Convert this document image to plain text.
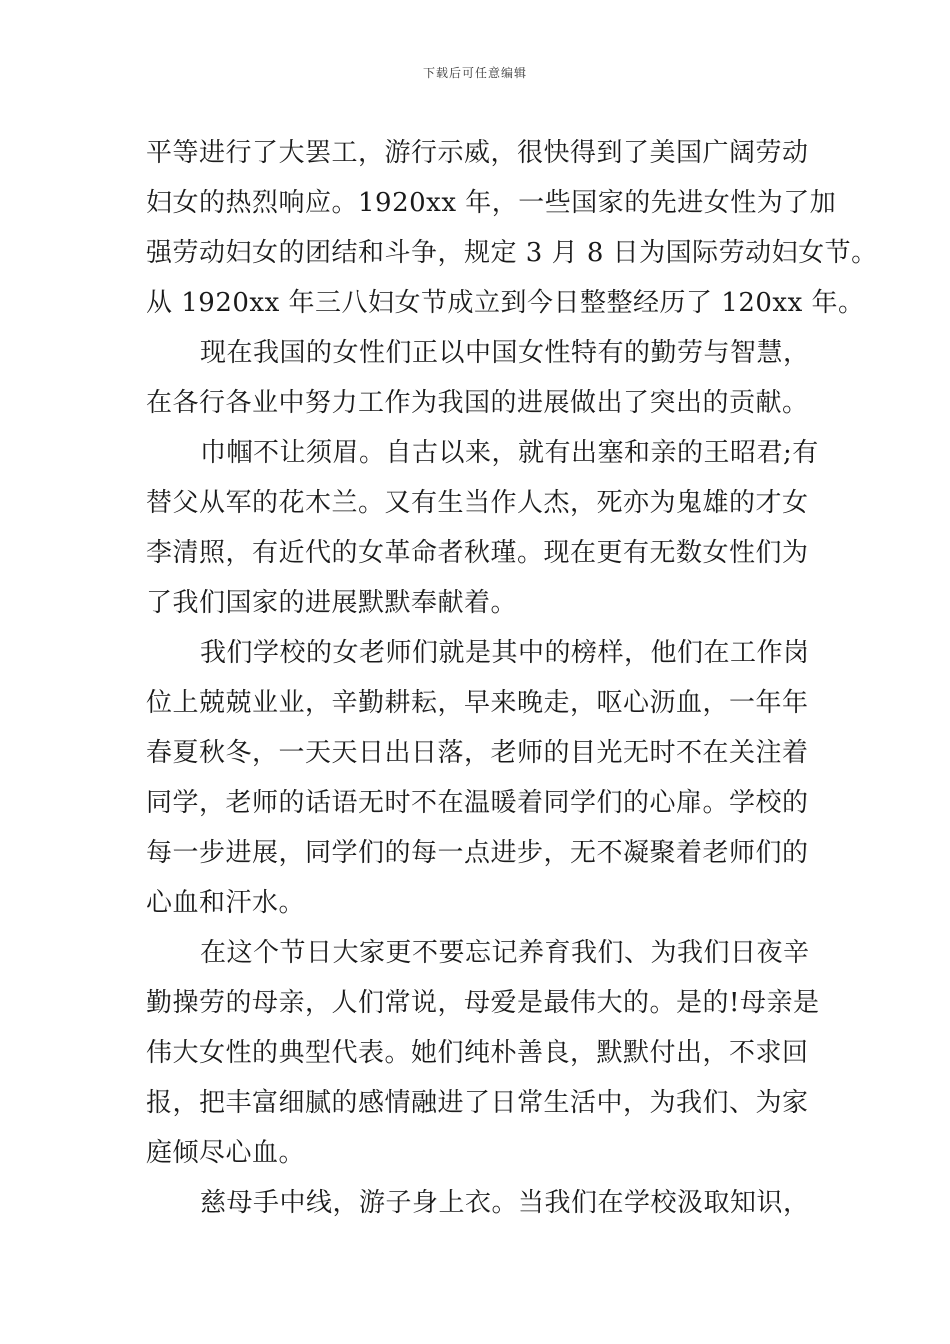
下载后可任意编辑
平等进行了大罢工，游行示威，很快得到了美国广阔劳动
妇女的热烈响应。1920xx 年，一些国家的先进女性为了加
强劳动妇女的团结和斗争，规定 3 月 8 日为国际劳动妇女节。
从 1920xx 年三八妇女节成立到今日整整经历了 120xx 年。
现在我国的女性们正以中国女性特有的勤劳与智慧，
在各行各业中努力工作为我国的进展做出了突出的贡献。
巾帼不让须眉。自古以来，就有出塞和亲的王昭君;有
替父从军的花木兰。又有生当作人杰，死亦为鬼雄的才女
李清照，有近代的女革命者秋瑾。现在更有无数女性们为
了我们国家的进展默默奉献着。
我们学校的女老师们就是其中的榜样，他们在工作岗
位上兢兢业业，辛勤耕耘，早来晚走，呕心沥血，一年年
春夏秋冬，一天天日出日落，老师的目光无时不在关注着
同学，老师的话语无时不在温暖着同学们的心扉。学校的
每一步进展，同学们的每一点进步，无不凝聚着老师们的
心血和汗水。
在这个节日大家更不要忘记养育我们、为我们日夜辛
勤操劳的母亲，人们常说，母爱是最伟大的。是的!母亲是
伟大女性的典型代表。她们纯朴善良，默默付出，不求回
报，把丰富细腻的感情融进了日常生活中，为我们、为家
庭倾尽心血。
慈母手中线，游子身上衣。当我们在学校汲取知识，
